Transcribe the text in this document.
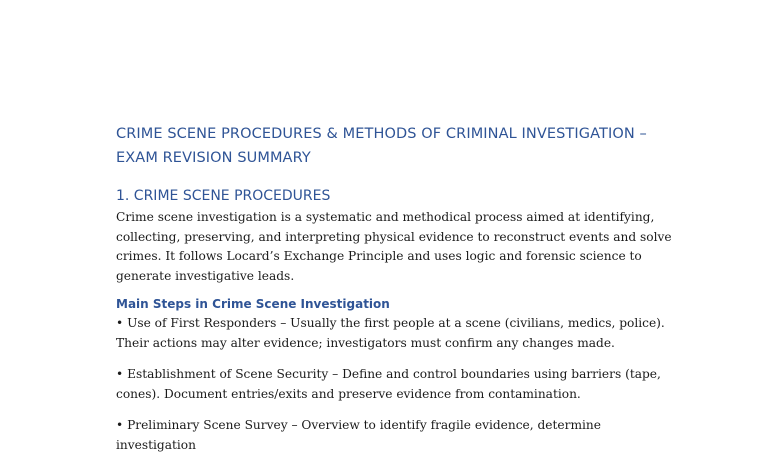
CRIME SCENE PROCEDURES & METHODS OF CRIMINAL INVESTIGATION –
EXAM REVISION SUMMARY
1. CRIME SCENE PROCEDURES

Crime scene investigation is a systematic and methodical process aimed at identifying, collecting, preserving, and interpreting physical evidence to reconstruct events and solve crimes. It follows Locard’s Exchange Principle and uses logic and forensic science to generate investigative leads.

Main Steps in Crime Scene Investigation

• Use of First Responders – Usually the first people at a scene (civilians, medics, police). Their actions may alter evidence; investigators must confirm any changes made.

• Establishment of Scene Security – Define and control boundaries using barriers (tape, cones). Document entries/exits and preserve evidence from contamination.

• Preliminary Scene Survey – Overview to identify fragile evidence, determine investigation
